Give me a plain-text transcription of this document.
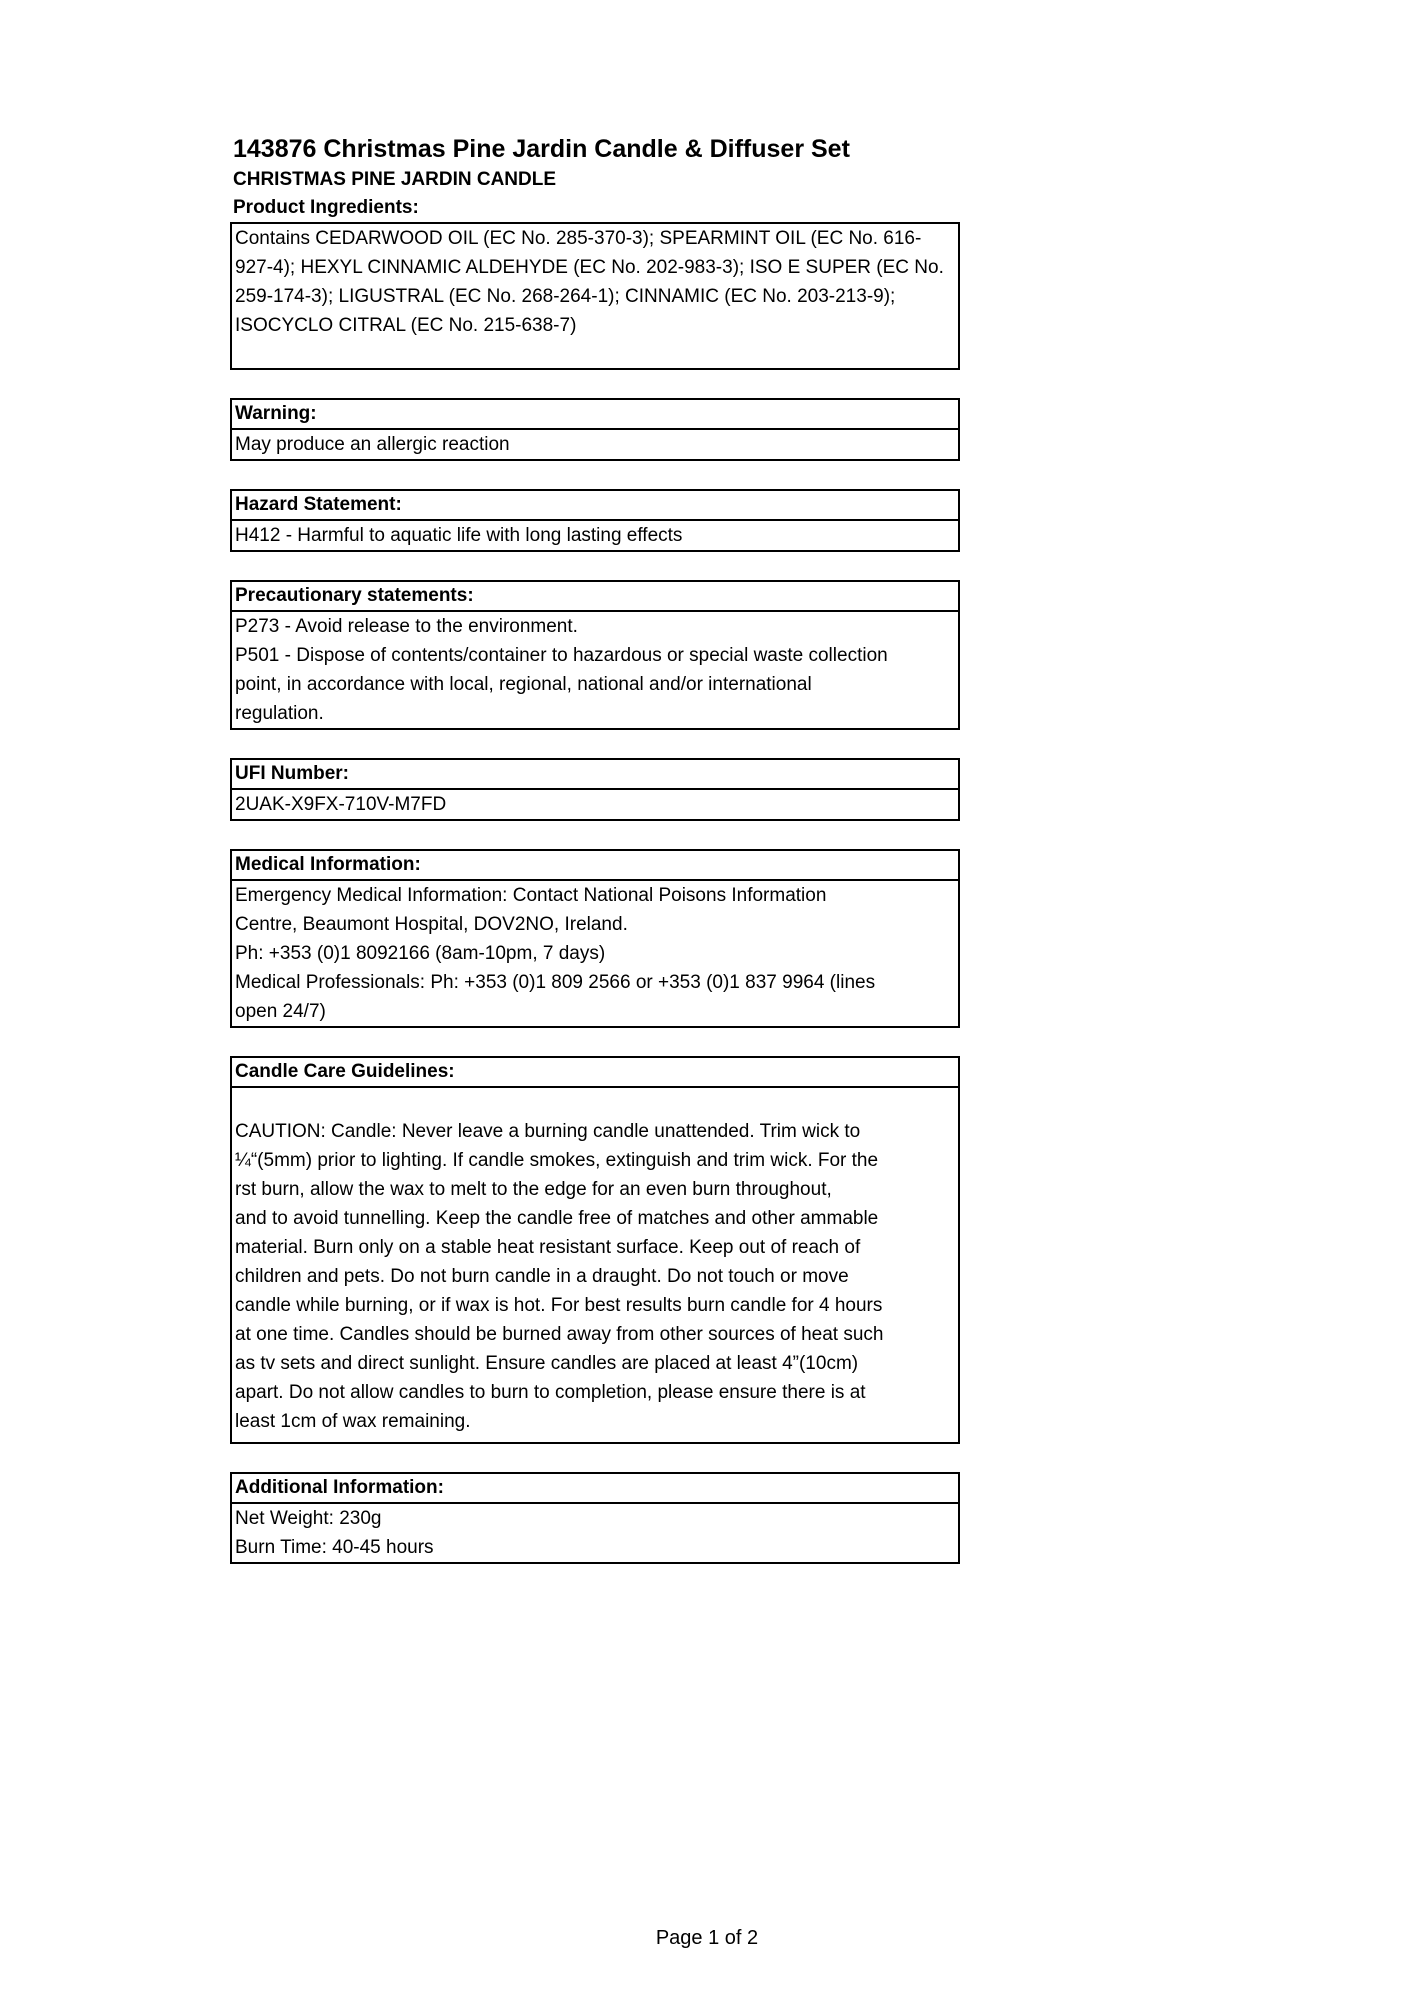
143876 Christmas Pine Jardin Candle & Diffuser Set
CHRISTMAS PINE JARDIN CANDLE
Product Ingredients:
Contains CEDARWOOD OIL (EC No. 285-370-3); SPEARMINT OIL (EC No. 616-
927-4); HEXYL CINNAMIC ALDEHYDE (EC No. 202-983-3); ISO E SUPER (EC No.
259-174-3); LIGUSTRAL (EC No. 268-264-1); CINNAMIC (EC No. 203-213-9);
ISOCYCLO CITRAL (EC No. 215-638-7)
Warning:
May produce an allergic reaction
Hazard Statement:
H412 - Harmful to aquatic life with long lasting effects
Precautionary statements:
P273 - Avoid release to the environment.
P501 - Dispose of contents/container to hazardous or special waste collection
point, in accordance with local, regional, national and/or international
regulation.
UFI Number:
2UAK-X9FX-710V-M7FD
Medical Information:
Emergency Medical Information: Contact National Poisons Information
Centre, Beaumont Hospital, DOV2NO, Ireland.
Ph: +353 (0)1 8092166 (8am-10pm, 7 days)
Medical Professionals: Ph: +353 (0)1 809 2566 or +353 (0)1 837 9964 (lines
open 24/7)
Candle Care Guidelines:
CAUTION: Candle: Never leave a burning candle unattended. Trim wick to
¼“(5mm) prior to lighting. If candle smokes, extinguish and trim wick. For the
rst burn, allow the wax to melt to the edge for an even burn throughout,
and to avoid tunnelling. Keep the candle free of matches and other ammable
material. Burn only on a stable heat resistant surface. Keep out of reach of
children and pets. Do not burn candle in a draught. Do not touch or move
candle while burning, or if wax is hot. For best results burn candle for 4 hours
at one time. Candles should be burned away from other sources of heat such
as tv sets and direct sunlight. Ensure candles are placed at least 4”(10cm)
apart. Do not allow candles to burn to completion, please ensure there is at
least 1cm of wax remaining.
Additional Information:
Net Weight: 230g
Burn Time: 40-45 hours
Page 1 of 2
